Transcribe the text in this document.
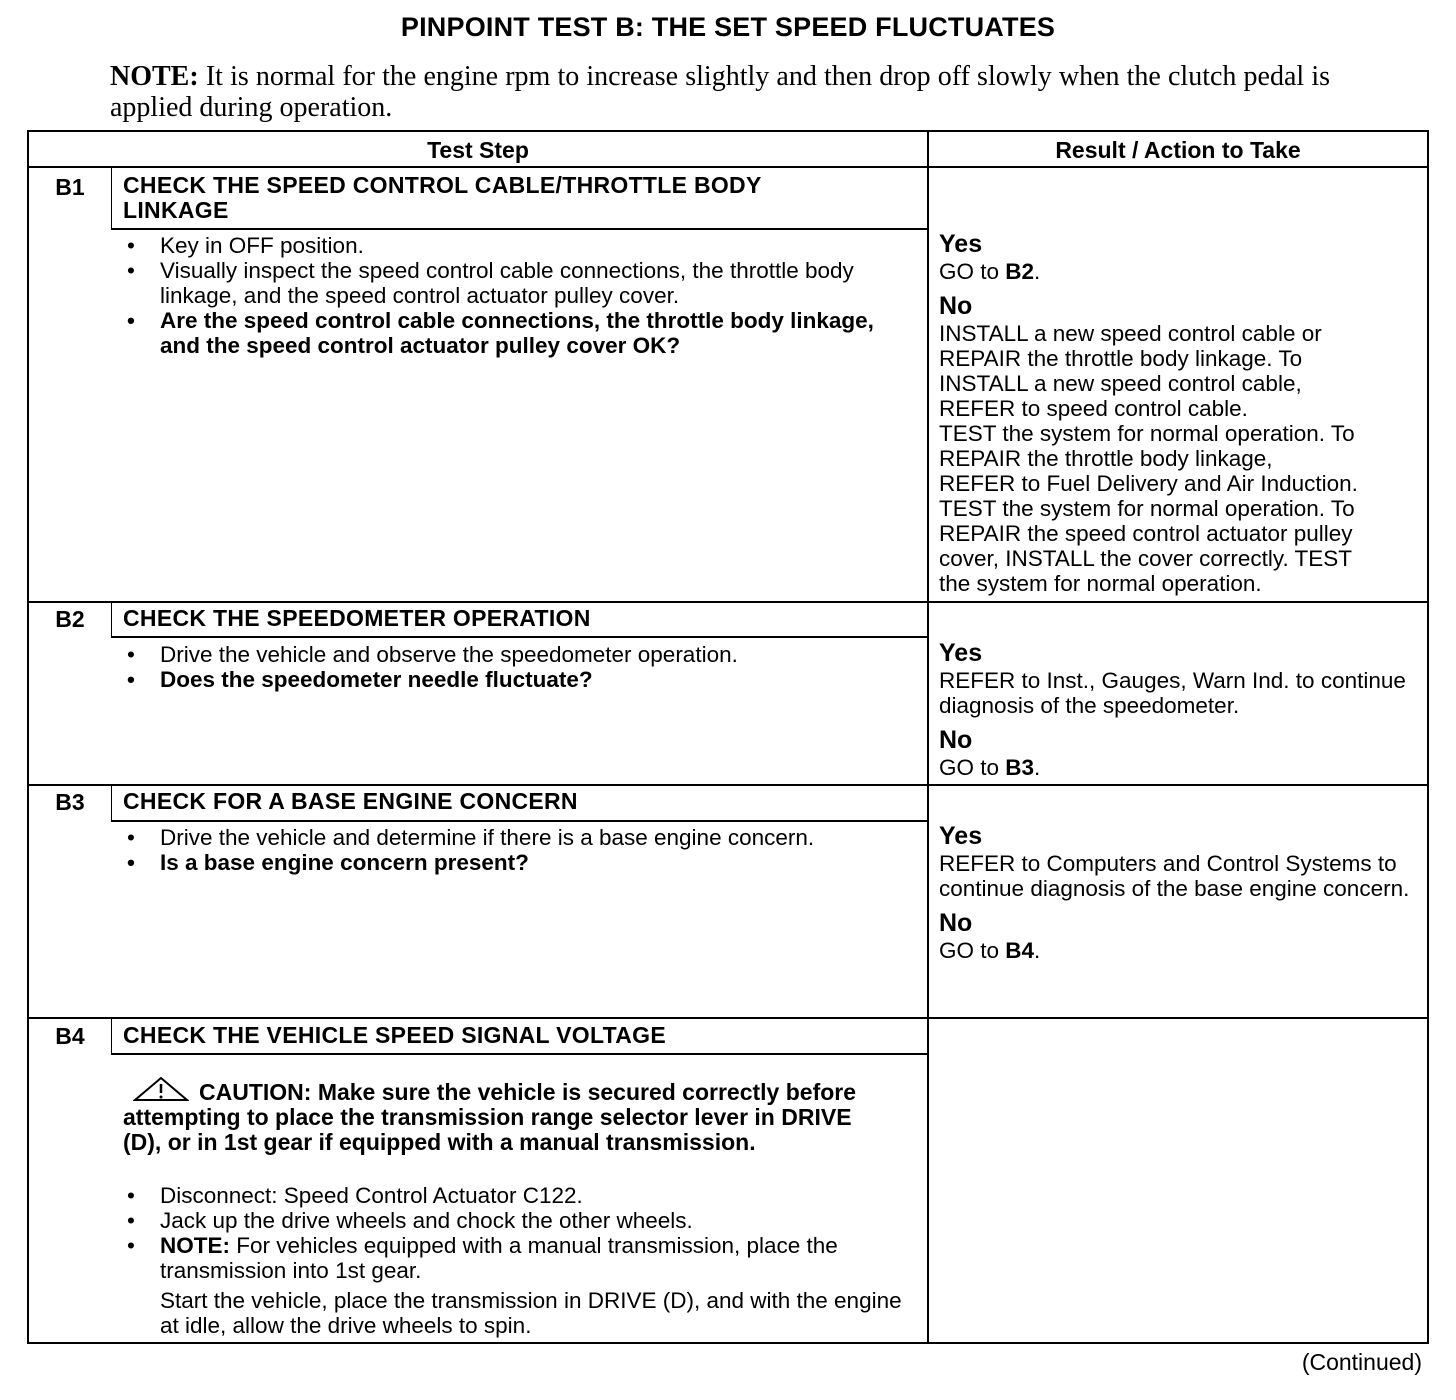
PINPOINT TEST B: THE SET SPEED FLUCTUATES
NOTE: It is normal for the engine rpm to increase slightly and then drop off slowly when the clutch pedal is applied during operation.
Test Step	Result / Action to Take
B1	CHECK THE SPEED CONTROL CABLE/THROTTLE BODY LINKAGE
• Key in OFF position.
• Visually inspect the speed control cable connections, the throttle body linkage, and the speed control actuator pulley cover.
• Are the speed control cable connections, the throttle body linkage, and the speed control actuator pulley cover OK?
Yes
GO to B2.
No
INSTALL a new speed control cable or
REPAIR the throttle body linkage. To
INSTALL a new speed control cable,
REFER to speed control cable.
TEST the system for normal operation. To
REPAIR the throttle body linkage,
REFER to Fuel Delivery and Air Induction.
TEST the system for normal operation. To
REPAIR the speed control actuator pulley
cover, INSTALL the cover correctly. TEST
the system for normal operation.
B2	CHECK THE SPEEDOMETER OPERATION
• Drive the vehicle and observe the speedometer operation.
• Does the speedometer needle fluctuate?
Yes
REFER to Inst., Gauges, Warn Ind. to continue diagnosis of the speedometer.
No
GO to B3.
B3	CHECK FOR A BASE ENGINE CONCERN
• Drive the vehicle and determine if there is a base engine concern.
• Is a base engine concern present?
Yes
REFER to Computers and Control Systems to continue diagnosis of the base engine concern.
No
GO to B4.
B4	CHECK THE VEHICLE SPEED SIGNAL VOLTAGE
CAUTION: Make sure the vehicle is secured correctly before attempting to place the transmission range selector lever in DRIVE (D), or in 1st gear if equipped with a manual transmission.
• Disconnect: Speed Control Actuator C122.
• Jack up the drive wheels and chock the other wheels.
• NOTE: For vehicles equipped with a manual transmission, place the transmission into 1st gear.
Start the vehicle, place the transmission in DRIVE (D), and with the engine at idle, allow the drive wheels to spin.
(Continued)
